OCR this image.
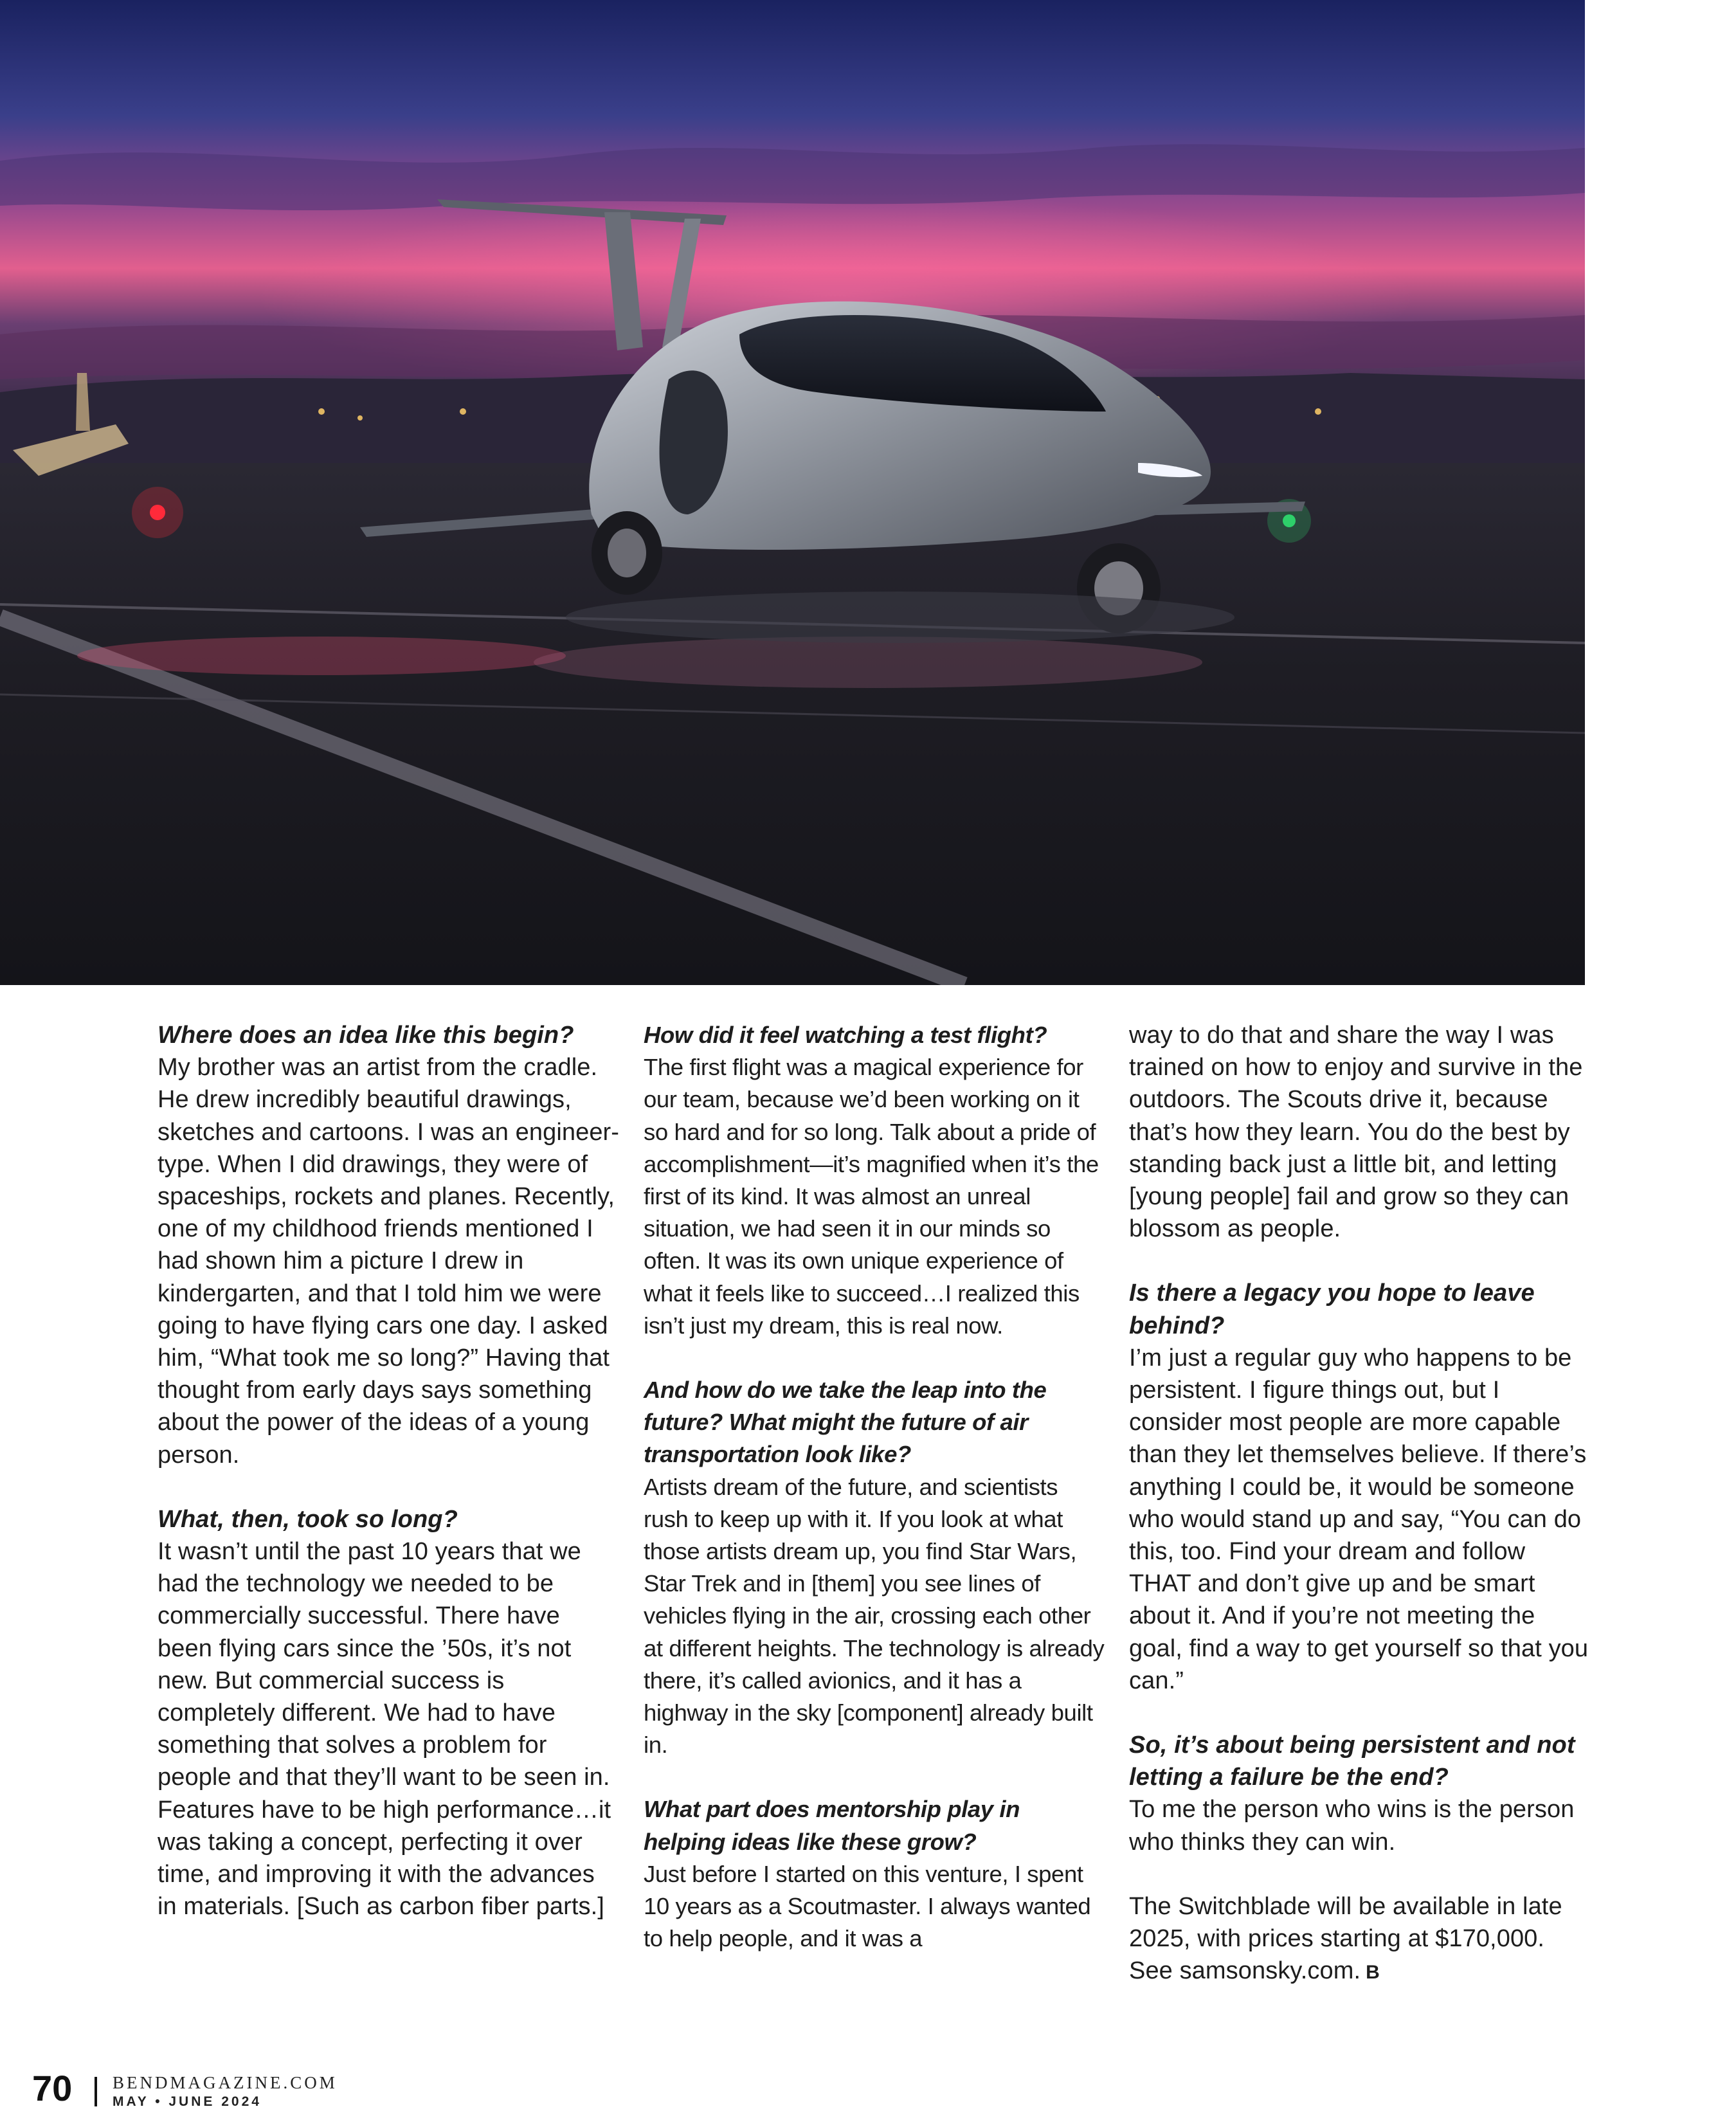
Where does an idea like this begin?

My brother was an artist from the cradle. He drew incredibly beautiful drawings, sketches and cartoons. I was an engineer-type. When I did drawings, they were of spaceships, rockets and planes. Recently, one of my childhood friends mentioned I had shown him a picture I drew in kindergarten, and that I told him we were going to have flying cars one day. I asked him, “What took me so long?” Having that thought from early days says something about the power of the ideas of a young person.

What, then, took so long?

It wasn’t until the past 10 years that we had the technology we needed to be commercially successful. There have been flying cars since the ’50s, it’s not new. But commercial success is completely different. We had to have something that solves a problem for people and that they’ll want to be seen in. Features have to be high performance…it was taking a concept, perfecting it over time, and improving it with the advances in materials. [Such as carbon fiber parts.]

How did it feel watching a test flight?

The first flight was a magical experience for our team, because we’d been working on it so hard and for so long. Talk about a pride of accomplishment—it’s magnified when it’s the first of its kind. It was almost an unreal situation, we had seen it in our minds so often. It was its own unique experience of what it feels like to succeed…I realized this isn’t just my dream, this is real now.

And how do we take the leap into the future? What might the future of air transportation look like?

Artists dream of the future, and scientists rush to keep up with it. If you look at what those artists dream up, you find Star Wars, Star Trek and in [them] you see lines of vehicles flying in the air, crossing each other at different heights. The technology is already there, it’s called avionics, and it has a highway in the sky [component] already built in.

What part does mentorship play in helping ideas like these grow?

Just before I started on this venture, I spent 10 years as a Scoutmaster. I always wanted to help people, and it was a

way to do that and share the way I was trained on how to enjoy and survive in the outdoors. The Scouts drive it, because that’s how they learn. You do the best by standing back just a little bit, and letting [young people] fail and grow so they can blossom as people.

Is there a legacy you hope to leave behind?

I’m just a regular guy who happens to be persistent. I figure things out, but I consider most people are more capable than they let themselves believe. If there’s anything I could be, it would be someone who would stand up and say, “You can do this, too. Find your dream and follow THAT and don’t give up and be smart about it. And if you’re not meeting the goal, find a way to get yourself so that you can.”

So, it’s about being persistent and not letting a failure be the end?

To me the person who wins is the person who thinks they can win.

The Switchblade will be available in late 2025, with prices starting at $170,000. See samsonsky.com. B

70 BENDMAGAZINE.COM
MAY • JUNE 2024
